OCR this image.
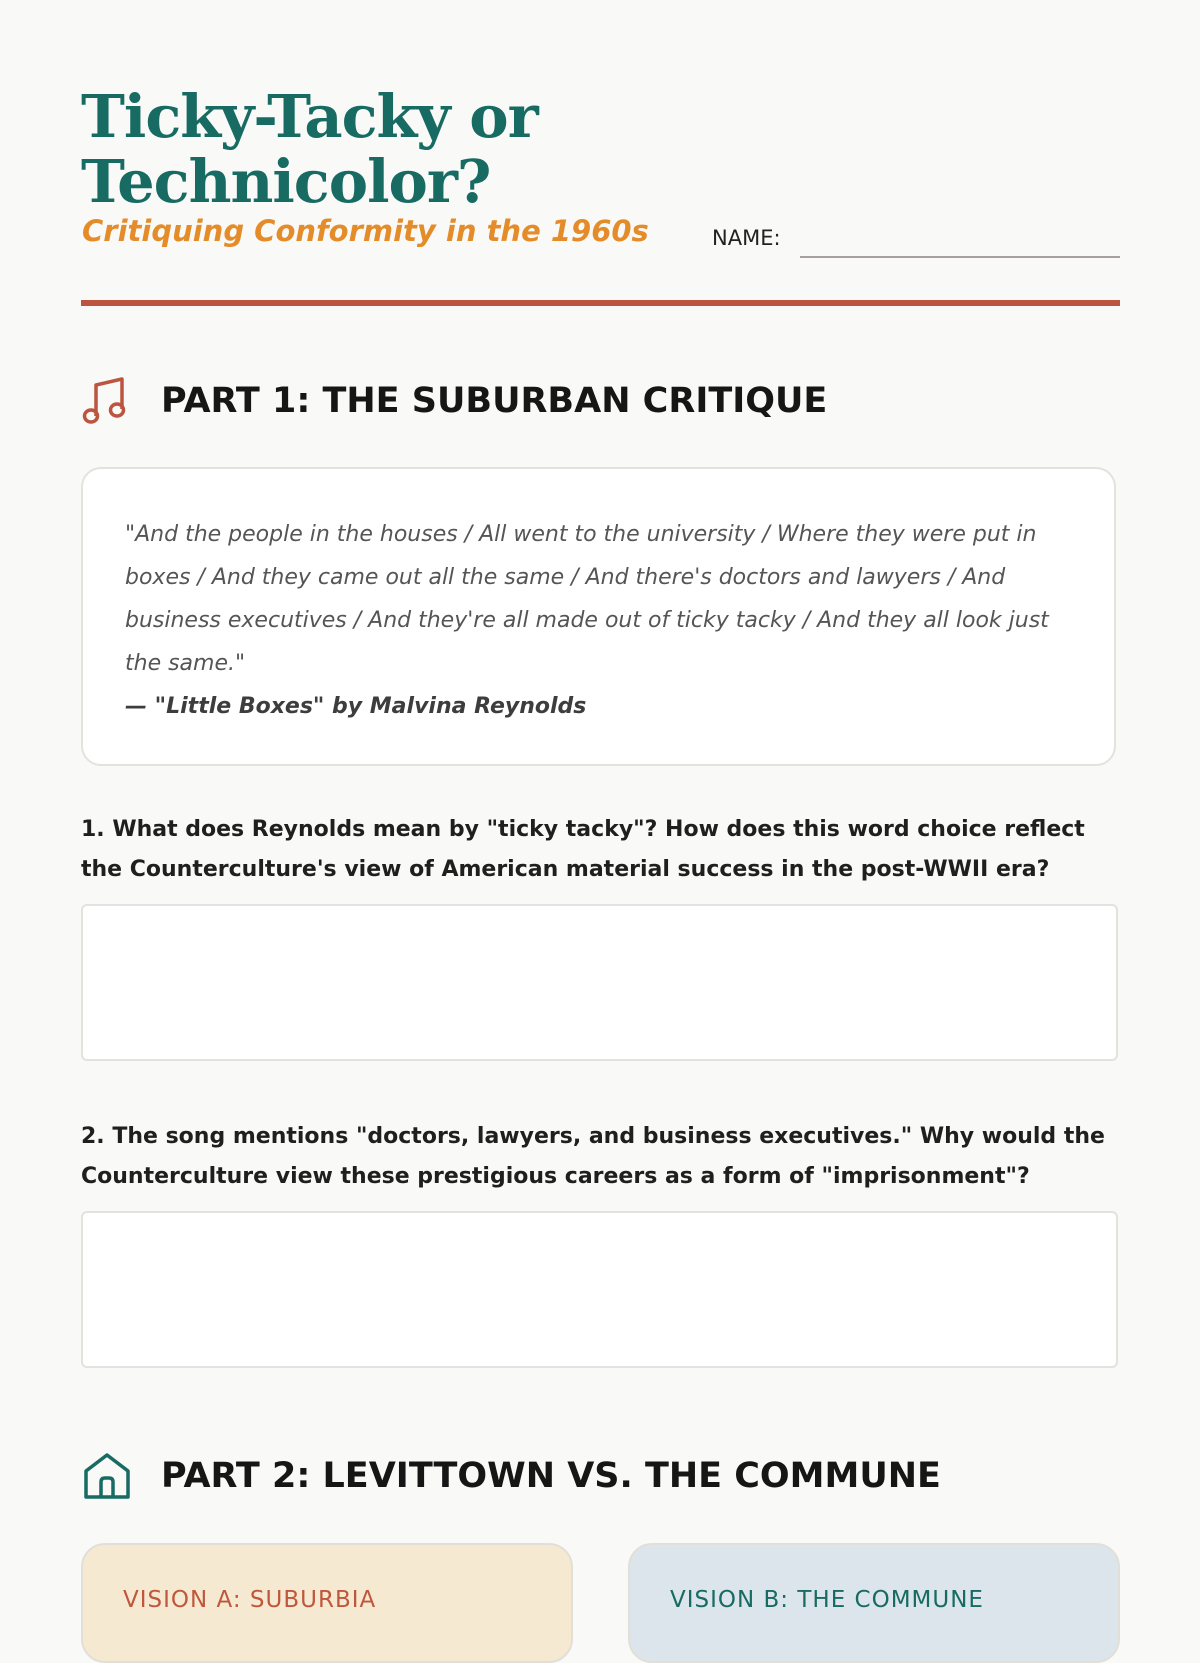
Ticky-Tacky or Technicolor?

Critiquing Conformity in the 1960s	NAME:
PART 1: THE SUBURBAN CRITIQUE

"And the people in the houses / All went to the university / Where they were put in boxes / And they came out all the same / And there's doctors and lawyers / And business executives / And they're all made out of ticky tacky / And they all look just the same."

— "Little Boxes" by Malvina Reynolds

1. What does Reynolds mean by "ticky tacky"? How does this word choice reflect the Counterculture's view of American material success in the post-WWII era?

2. The song mentions "doctors, lawyers, and business executives." Why would the Counterculture view these prestigious careers as a form of "imprisonment"?

PART 2: LEVITTOWN VS. THE COMMUNE

VISION A: SUBURBIA	VISION B: THE COMMUNE
